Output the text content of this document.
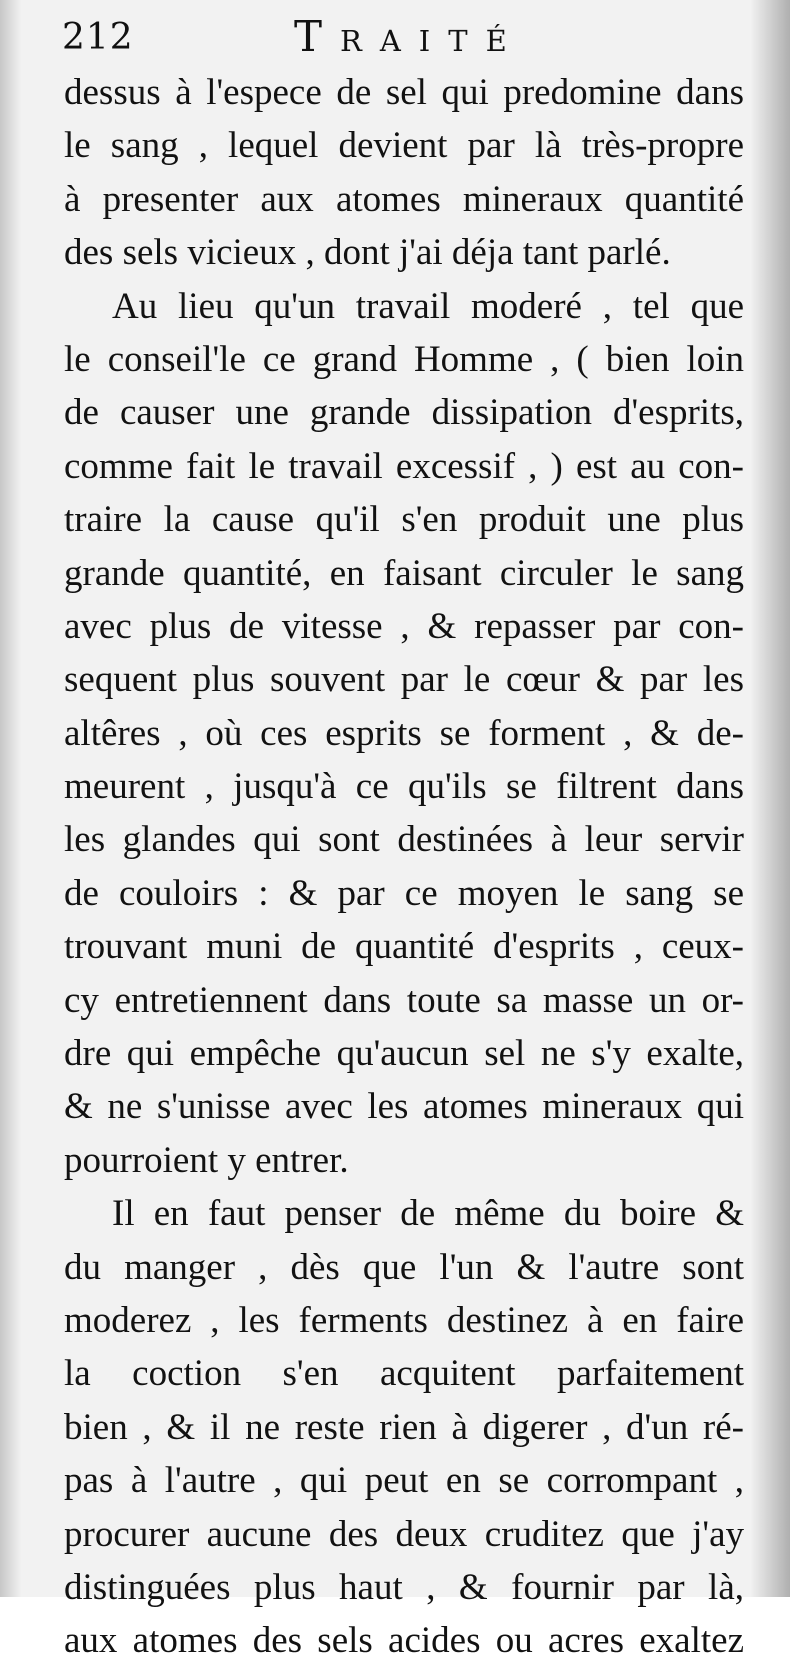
212	Traité
dessus à l'espece de sel qui predomine dans
le sang , lequel devient par là très-propre
à presenter aux atomes mineraux quantité
des sels vicieux , dont j'ai déja tant parlé.
Au lieu qu'un travail moderé , tel que
le conseil'le ce grand Homme , ( bien loin
de causer une grande dissipation d'esprits,
comme fait le travail excessif , ) est au con-
traire la cause qu'il s'en produit une plus
grande quantité, en faisant circuler le sang
avec plus de vitesse , & repasser par con-
sequent plus souvent par le cœur & par les
altêres , où ces esprits se forment , & de-
meurent , jusqu'à ce qu'ils se filtrent dans
les glandes qui sont destinées à leur servir
de couloirs : & par ce moyen le sang se
trouvant muni de quantité d'esprits , ceux-
cy entretiennent dans toute sa masse un or-
dre qui empêche qu'aucun sel ne s'y exalte,
& ne s'unisse avec les atomes mineraux qui
pourroient y entrer.
Il en faut penser de même du boire &
du manger , dès que l'un & l'autre sont
moderez , les ferments destinez à en faire
la coction s'en acquitent parfaitement
bien , & il ne reste rien à digerer , d'un ré-
pas à l'autre , qui peut en se corrompant ,
procurer aucune des deux cruditez que j'ay
distinguées plus haut , & fournir par là,
aux atomes des sels acides ou acres exaltez
